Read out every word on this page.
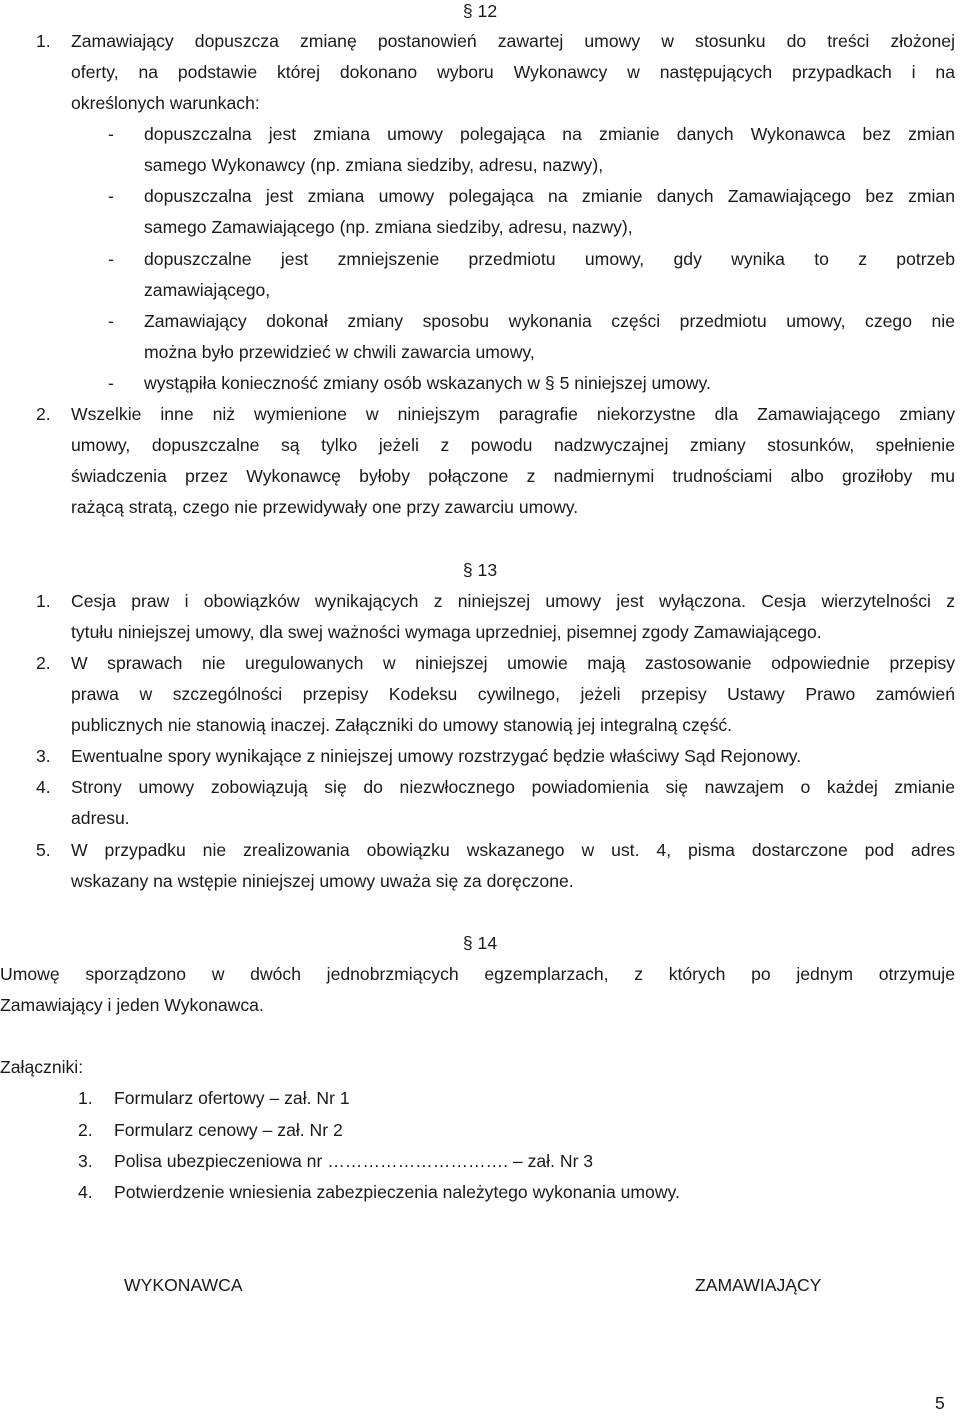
§ 12
1. Zamawiający dopuszcza zmianę postanowień zawartej umowy w stosunku do treści złożonej
oferty, na podstawie której dokonano wyboru Wykonawcy w następujących przypadkach i na
określonych warunkach:
- dopuszczalna jest zmiana umowy polegająca na zmianie danych Wykonawca bez zmian
samego Wykonawcy (np. zmiana siedziby, adresu, nazwy),
- dopuszczalna jest zmiana umowy polegająca na zmianie danych Zamawiającego bez zmian
samego Zamawiającego (np. zmiana siedziby, adresu, nazwy),
- dopuszczalne jest zmniejszenie przedmiotu umowy, gdy wynika to z potrzeb
zamawiającego,
- Zamawiający dokonał zmiany sposobu wykonania części przedmiotu umowy, czego nie
można było przewidzieć w chwili zawarcia umowy,
- wystąpiła konieczność zmiany osób wskazanych w § 5 niniejszej umowy.
2. Wszelkie inne niż wymienione w niniejszym paragrafie niekorzystne dla Zamawiającego zmiany
umowy, dopuszczalne są tylko jeżeli z powodu nadzwyczajnej zmiany stosunków, spełnienie
świadczenia przez Wykonawcę byłoby połączone z nadmiernymi trudnościami albo groziłoby mu
rażącą stratą, czego nie przewidywały one przy zawarciu umowy.
§ 13
1. Cesja praw i obowiązków wynikających z niniejszej umowy jest wyłączona. Cesja wierzytelności z
tytułu niniejszej umowy, dla swej ważności wymaga uprzedniej, pisemnej zgody Zamawiającego.
2. W sprawach nie uregulowanych w niniejszej umowie mają zastosowanie odpowiednie przepisy
prawa w szczególności przepisy Kodeksu cywilnego, jeżeli przepisy Ustawy Prawo zamówień
publicznych nie stanowią inaczej. Załączniki do umowy stanowią jej integralną część.
3. Ewentualne spory wynikające z niniejszej umowy rozstrzygać będzie właściwy Sąd Rejonowy.
4. Strony umowy zobowiązują się do niezwłocznego powiadomienia się nawzajem o każdej zmianie
adresu.
5. W przypadku nie zrealizowania obowiązku wskazanego w ust. 4, pisma dostarczone pod adres
wskazany na wstępie niniejszej umowy uważa się za doręczone.
§ 14
Umowę sporządzono w dwóch jednobrzmiących egzemplarzach, z których po jednym otrzymuje
Zamawiający i jeden Wykonawca.
Załączniki:
1. Formularz ofertowy – zał. Nr 1
2. Formularz cenowy – zał. Nr 2
3. Polisa ubezpieczeniowa nr …………………………. – zał. Nr 3
4. Potwierdzenie wniesienia zabezpieczenia należytego wykonania umowy.
WYKONAWCA	ZAMAWIAJĄCY
5
